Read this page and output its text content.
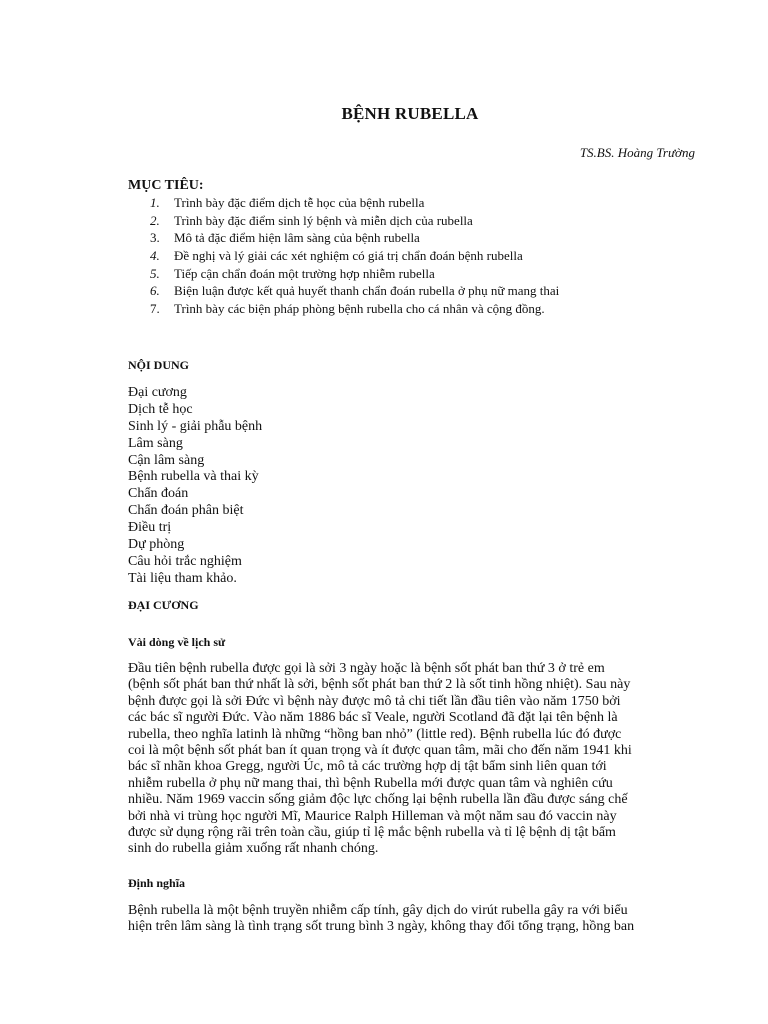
BỆNH RUBELLA
TS.BS. Hoàng Trường
MỤC TIÊU:
1. Trình bày đặc điểm dịch tễ học của bệnh rubella
2. Trình bày đặc điểm sinh lý bệnh và miễn dịch của rubella
3. Mô tả đặc điểm hiện lâm sàng của bệnh rubella
4. Đề nghị và lý giải các xét nghiệm có giá trị chẩn đoán bệnh rubella
5. Tiếp cận chẩn đoán một trường hợp nhiễm rubella
6. Biện luận được kết quả huyết thanh chẩn đoán rubella ở phụ nữ mang thai
7. Trình bày các biện pháp phòng bệnh rubella cho cá nhân và cộng đồng.
NỘI DUNG
Đại cương
Dịch tễ học
Sinh lý - giải phẫu bệnh
Lâm sàng
Cận lâm sàng
Bệnh rubella và thai kỳ
Chẩn đoán
Chẩn đoán phân biệt
Điều trị
Dự phòng
Câu hỏi trắc nghiệm
Tài liệu tham khảo.
ĐẠI CƯƠNG
Vài dòng về lịch sử
Đầu tiên bệnh rubella được gọi là sởi 3 ngày hoặc là bệnh sốt phát ban thứ 3 ở trẻ em
(bệnh sốt phát ban thứ nhất là sởi, bệnh sốt phát ban thứ 2 là sốt tinh hồng nhiệt). Sau này
bệnh được gọi là sởi Đức vì bệnh này được mô tả chi tiết lần đầu tiên vào năm 1750 bởi
các bác sĩ người Đức. Vào năm 1886 bác sĩ Veale, người Scotland đã đặt lại tên bệnh là
rubella, theo nghĩa latinh là những “hồng ban nhỏ” (little red). Bệnh rubella lúc đó được
coi là một bệnh sốt phát ban ít quan trọng và ít được quan tâm, mãi cho đến năm 1941 khi
bác sĩ nhãn khoa Gregg, người Úc, mô tả các trường hợp dị tật bẩm sinh liên quan tới
nhiễm rubella ở phụ nữ mang thai, thì bệnh Rubella mới được quan tâm và nghiên cứu
nhiều. Năm 1969 vaccin sống giảm độc lực chống lại bệnh rubella lần đầu được sáng chế
bởi nhà vi trùng học người Mĩ, Maurice Ralph Hilleman và một năm sau đó vaccin này
được sử dụng rộng rãi trên toàn cầu, giúp tỉ lệ mắc bệnh rubella và tỉ lệ bệnh dị tật bẩm
sinh do rubella giảm xuống rất nhanh chóng.
Định nghĩa
Bệnh rubella là một bệnh truyền nhiễm cấp tính, gây dịch do virút rubella gây ra với biểu
hiện trên lâm sàng là tình trạng sốt trung bình 3 ngày, không thay đổi tổng trạng, hồng ban
